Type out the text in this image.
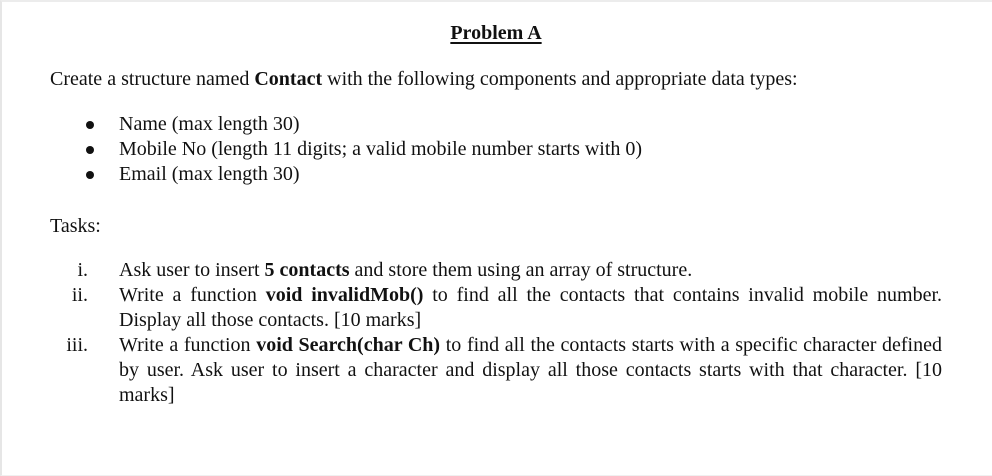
Problem A
Create a structure named Contact with the following components and appropriate data types:
Name (max length 30)
Mobile No (length 11 digits; a valid mobile number starts with 0)
Email (max length 30)
Tasks:
i. Ask user to insert 5 contacts and store them using an array of structure.
ii. Write a function void invalidMob() to find all the contacts that contains invalid mobile number. Display all those contacts. [10 marks]
iii. Write a function void Search(char Ch) to find all the contacts starts with a specific character defined by user. Ask user to insert a character and display all those contacts starts with that character. [10 marks]
